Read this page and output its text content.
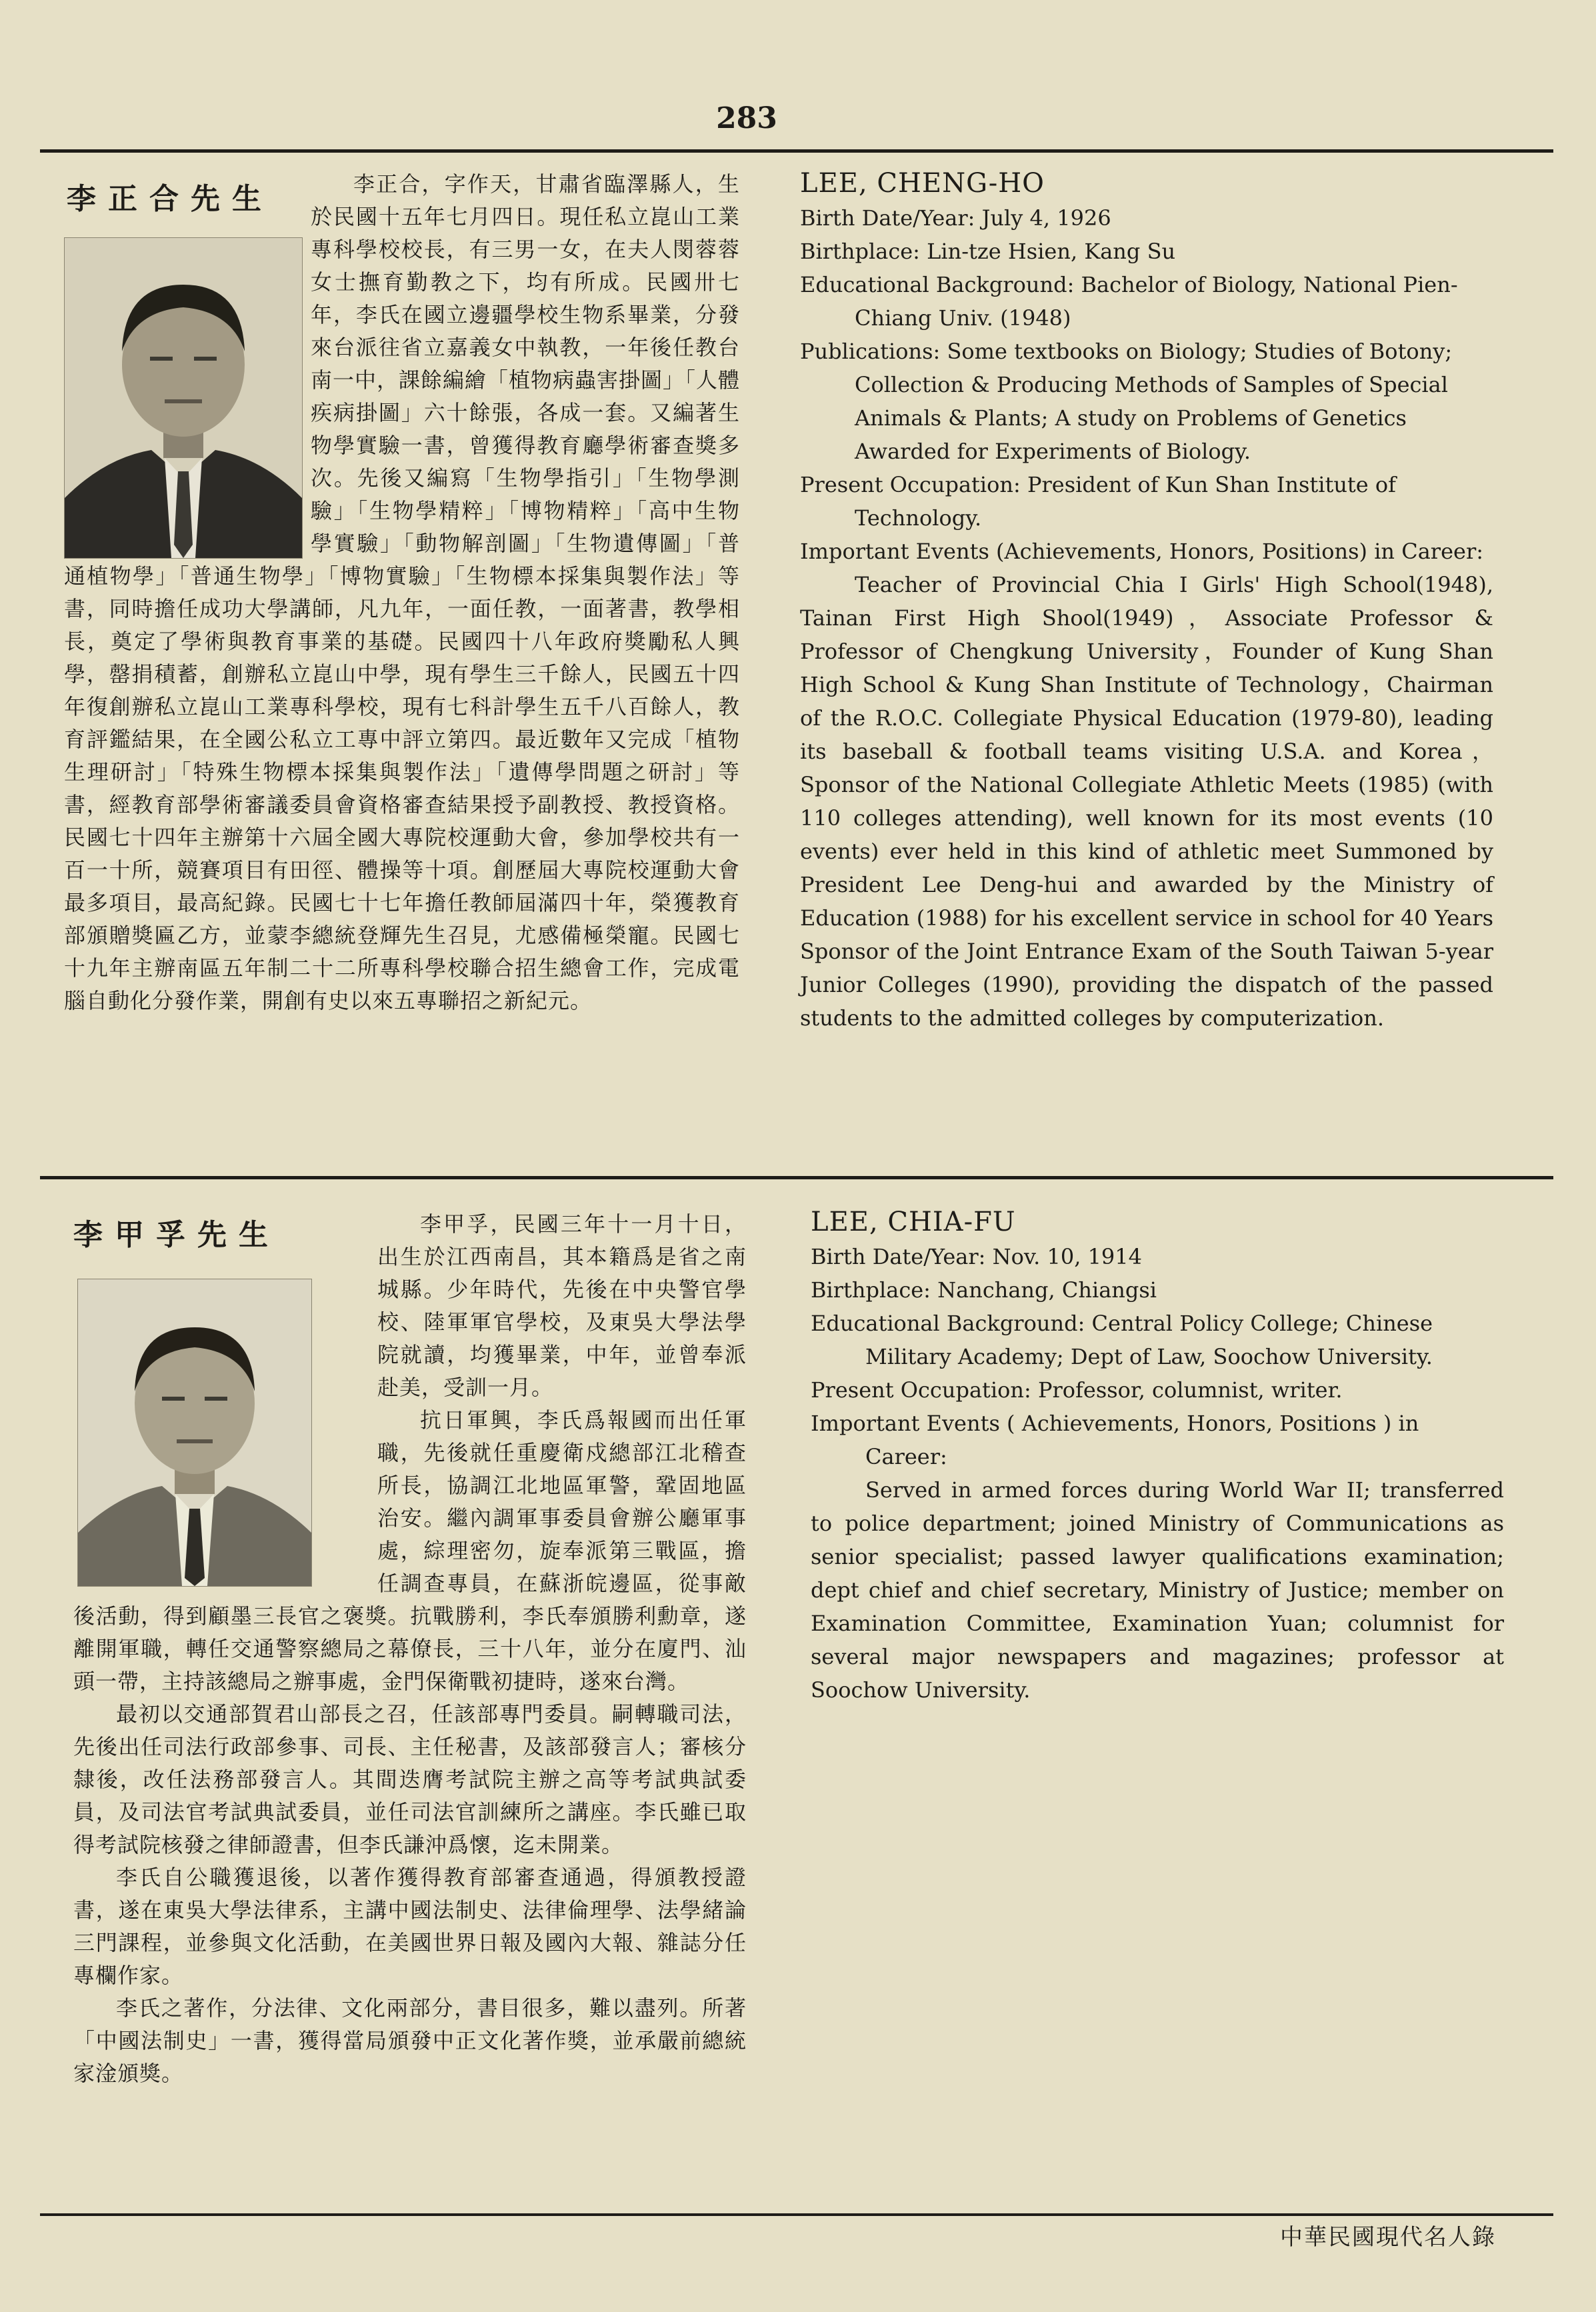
283
李正合先生	李正合，字作天，甘肅省臨澤縣人，生於民國十五年七月四日。現任私立崑山工業專科學校校長，有三男一女，在夫人閔蓉蓉女士撫育勤教之下，均有所成。民國卅七年，李氏在國立邊疆學校生物系畢業，分發來台派往省立嘉義女中執教，一年後任教台南一中，課餘編繪「植物病蟲害掛圖」「人體疾病掛圖」六十餘張，各成一套。又編著生物學實驗一書，曾獲得教育廳學術審查獎多次。先後又編寫「生物學指引」「生物學測驗」「生物學精粹」「博物精粹」「高中生物學實驗」「動物解剖圖」「生物遺傳圖」「普通植物學」「普通生物學」「博物實驗」「生物標本採集與製作法」等書，同時擔任成功大學講師，凡九年，一面任教，一面著書，教學相長，奠定了學術與教育事業的基礎。民國四十八年政府獎勵私人興學，罄捐積蓄，創辦私立崑山中學，現有學生三千餘人，民國五十四年復創辦私立崑山工業專科學校，現有七科計學生五千八百餘人，教育評鑑結果，在全國公私立工專中評立第四。最近數年又完成「植物生理研討」「特殊生物標本採集與製作法」「遺傳學問題之研討」等書，經教育部學術審議委員會資格審查結果授予副教授、教授資格。民國七十四年主辦第十六屆全國大專院校運動大會，參加學校共有一百一十所，競賽項目有田徑、體操等十項。創歷屆大專院校運動大會最多項目，最高紀錄。民國七十七年擔任教師屆滿四十年，榮獲教育部頒贈獎匾乙方，並蒙李總統登輝先生召見，尤感備極榮寵。民國七十九年主辦南區五年制二十二所專科學校聯合招生總會工作，完成電腦自動化分發作業，開創有史以來五專聯招之新紀元。

LEE, CHENG-HO

Birth Date/Year: July 4, 1926

Birthplace: Lin-tze Hsien, Kang Su

Educational Background: Bachelor of Biology, National Pien-Chiang Univ. (1948)

Publications: Some textbooks on Biology; Studies of Botony; Collection & Producing Methods of Samples of Special Animals & Plants; A study on Problems of Genetics Awarded for Experiments of Biology.

Present Occupation: President of Kun Shan Institute of Technology.

Important Events (Achievements, Honors, Positions) in Career:

Teacher of Provincial Chia I Girls' High School(1948), Tainan First High Shool(1949)，Associate Professor & Professor of Chengkung University，Founder of Kung Shan High School & Kung Shan Institute of Technology，Chairman of the R.O.C. Collegiate Physical Education (1979-80), leading its baseball & football teams visiting U.S.A. and Korea，Sponsor of the National Collegiate Athletic Meets (1985) (with 110 colleges attending), well known for its most events (10 events) ever held in this kind of athletic meet Summoned by President Lee Deng-hui and awarded by the Ministry of Education (1988) for his excellent service in school for 40 Years Sponsor of the Joint Entrance Exam of the South Taiwan 5-year Junior Colleges (1990), providing the dispatch of the passed students to the admitted colleges by computerization.

李甲孚先生	李甲孚，民國三年十一月十日，出生於江西南昌，其本籍爲是省之南城縣。少年時代，先後在中央警官學校、陸軍軍官學校，及東吳大學法學院就讀，均獲畢業，中年，並曾奉派赴美，受訓一月。

抗日軍興，李氏爲報國而出任軍職，先後就任重慶衛戍總部江北稽查所長，協調江北地區軍警，鞏固地區治安。繼內調軍事委員會辦公廳軍事處，綜理密勿，旋奉派第三戰區，擔任調查專員，在蘇浙皖邊區，從事敵後活動，得到顧墨三長官之褒獎。抗戰勝利，李氏奉頒勝利勳章，遂離開軍職，轉任交通警察總局之幕僚長，三十八年，並分在廈門、汕頭一帶，主持該總局之辦事處，金門保衛戰初捷時，遂來台灣。

最初以交通部賀君山部長之召，任該部專門委員。嗣轉職司法，先後出任司法行政部參事、司長、主任秘書，及該部發言人；審核分隸後，改任法務部發言人。其間迭膺考試院主辦之高等考試典試委員，及司法官考試典試委員，並任司法官訓練所之講座。李氏雖已取得考試院核發之律師證書，但李氏謙沖爲懷，迄未開業。

李氏自公職獲退後，以著作獲得教育部審查通過，得頒教授證書，遂在東吳大學法律系，主講中國法制史、法律倫理學、法學緒論三門課程，並參與文化活動，在美國世界日報及國內大報、雜誌分任專欄作家。

李氏之著作，分法律、文化兩部分，書目很多，難以盡列。所著「中國法制史」一書，獲得當局頒發中正文化著作獎，並承嚴前總統家淦頒獎。

LEE, CHIA-FU

Birth Date/Year: Nov. 10, 1914

Birthplace: Nanchang, Chiangsi

Educational Background: Central Policy College; Chinese Military Academy; Dept of Law, Soochow University.

Present Occupation: Professor, columnist, writer.

Important Events ( Achievements, Honors, Positions ) in Career:

Served in armed forces during World War II; transferred to police department; joined Ministry of Communications as senior specialist; passed lawyer qualifications examination; dept chief and chief secretary, Ministry of Justice; member on Examination Committee, Examination Yuan; columnist for several major newspapers and magazines; professor at Soochow University.

中華民國現代名人錄
